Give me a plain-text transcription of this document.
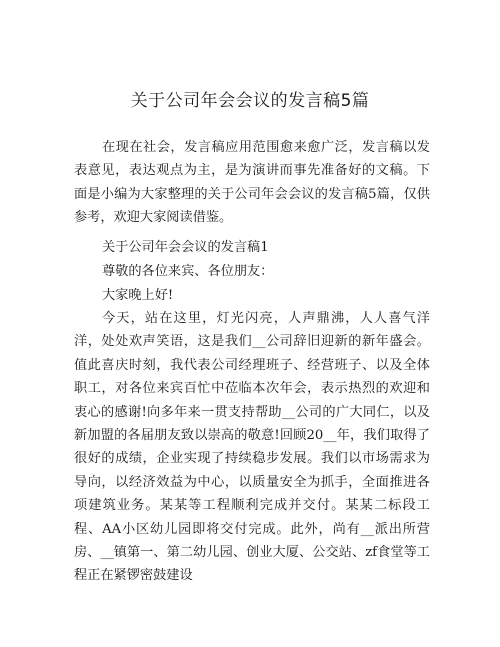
关于公司年会会议的发言稿5篇

在现在社会，发言稿应用范围愈来愈广泛，发言稿以发表意见，表达观点为主，是为演讲而事先准备好的文稿。下面是小编为大家整理的关于公司年会会议的发言稿5篇，仅供参考，欢迎大家阅读借鉴。

关于公司年会会议的发言稿1

尊敬的各位来宾、各位朋友：

大家晚上好!

今天，站在这里，灯光闪亮，人声鼎沸，人人喜气洋洋，处处欢声笑语，这是我们__公司辞旧迎新的新年盛会。值此喜庆时刻，我代表公司经理班子、经营班子、以及全体职工，对各位来宾百忙中莅临本次年会，表示热烈的欢迎和衷心的感谢!向多年来一贯支持帮助__公司的广大同仁，以及新加盟的各届朋友致以崇高的敬意!回顾20__年，我们取得了很好的成绩，企业实现了持续稳步发展。我们以市场需求为导向，以经济效益为中心，以质量安全为抓手，全面推进各项建筑业务。某某等工程顺利完成并交付。某某二标段工程、AA小区幼儿园即将交付完成。此外，尚有__派出所营房、__镇第一、第二幼儿园、创业大厦、公交站、zf食堂等工程正在紧锣密鼓建设
